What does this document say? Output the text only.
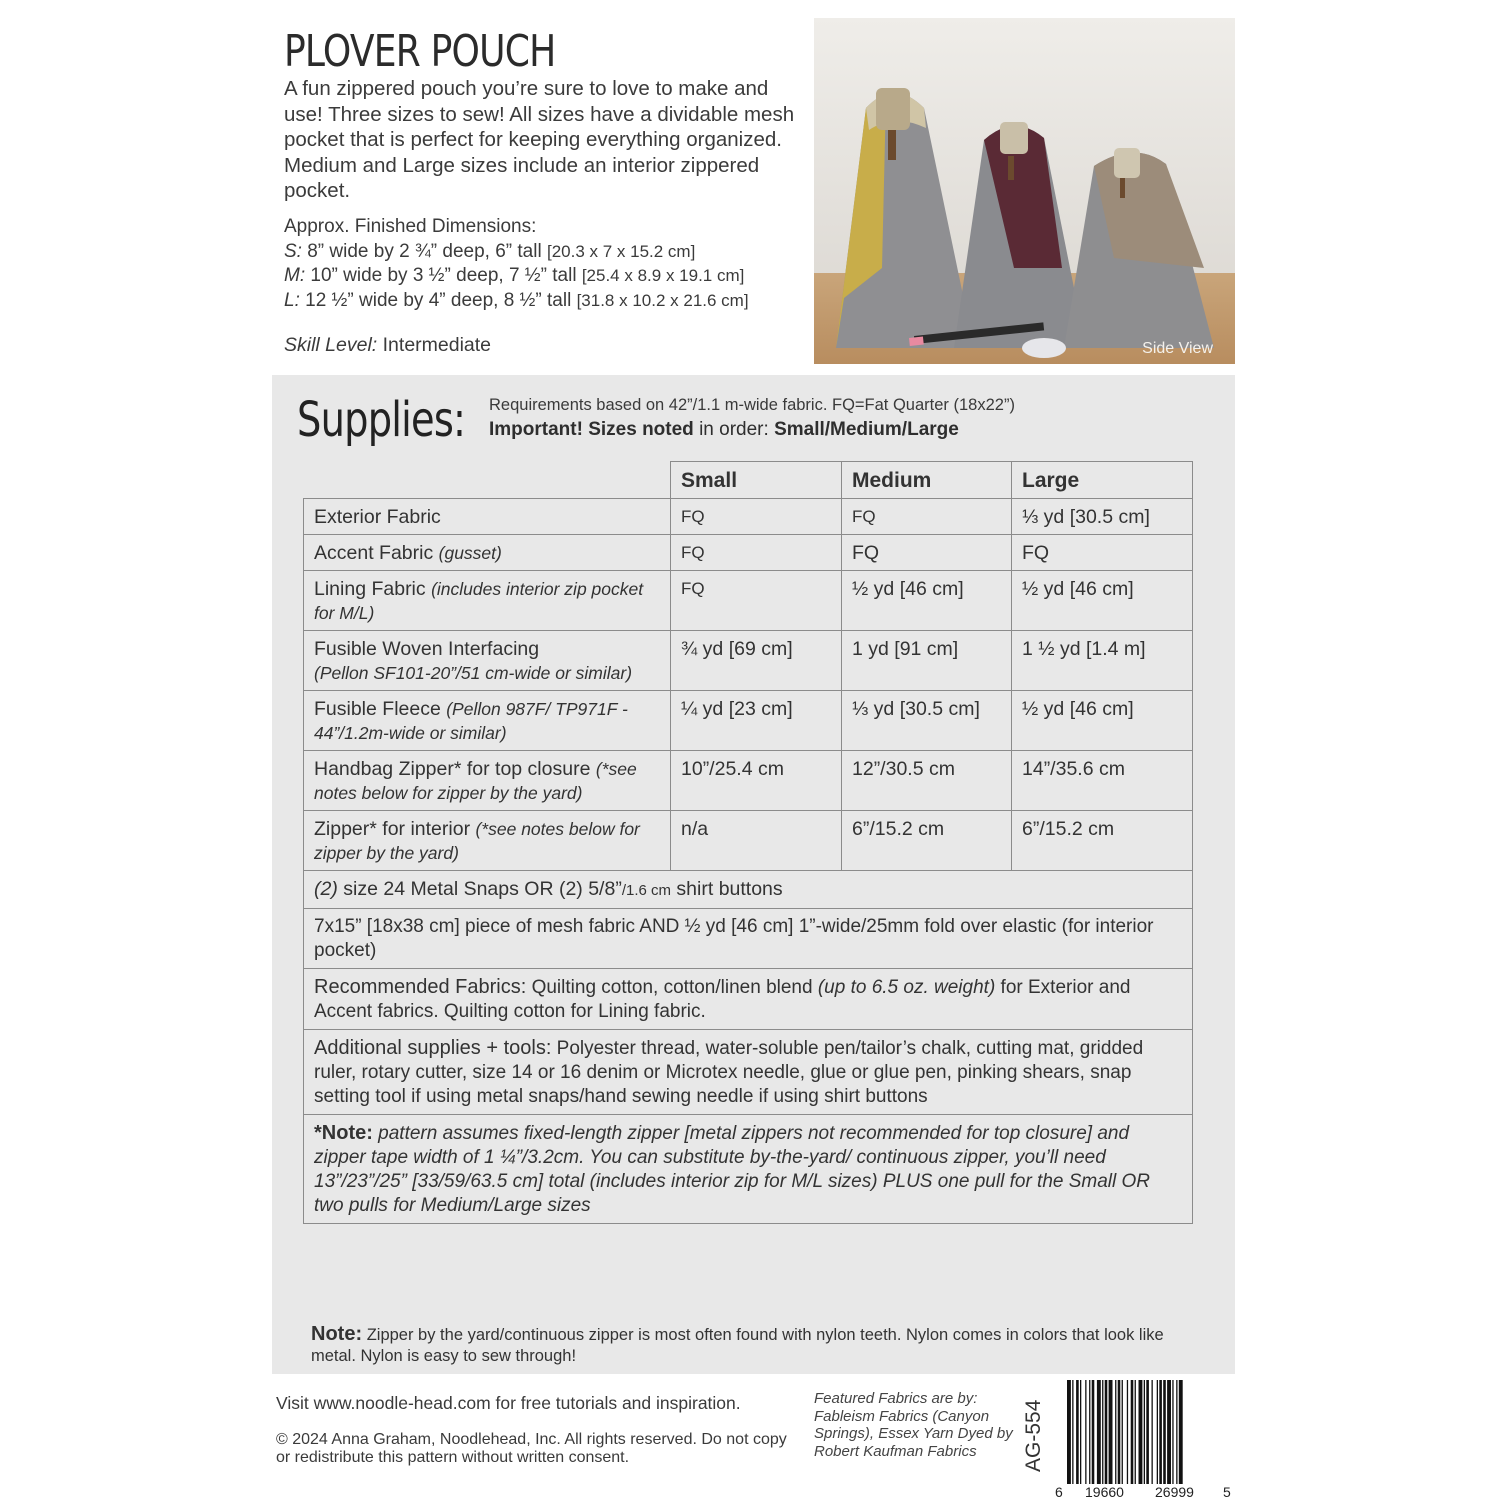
PLOVER POUCH

A fun zippered pouch you’re sure to love to make and use! Three sizes to sew! All sizes have a dividable mesh pocket that is perfect for keeping everything organized. Medium and Large sizes include an interior zippered pocket.

Approx. Finished Dimensions:
S: 8” wide by 2 ¾” deep, 6” tall [20.3 x 7 x 15.2 cm]
M: 10” wide by 3 ½” deep, 7 ½” tall [25.4 x 8.9 x 19.1 cm]
L: 12 ½” wide by 4” deep, 8 ½” tall [31.8 x 10.2 x 21.6 cm]
Skill Level: Intermediate	Side View
Supplies: Requirements based on 42”/1.1 m-wide fabric. FQ=Fat Quarter (18x22”)
Important! Sizes noted in order: Small/Medium/Large
	Small	Medium	Large
Exterior Fabric	FQ	FQ	⅓ yd [30.5 cm]
Accent Fabric (gusset)	FQ	FQ	FQ
Lining Fabric (includes interior zip pocket for M/L)	FQ	½ yd [46 cm]	½ yd [46 cm]
Fusible Woven Interfacing
(Pellon SF101-20”/51 cm-wide or similar)	¾ yd [69 cm]	1 yd [91 cm]	1 ½ yd [1.4 m]
Fusible Fleece (Pellon 987F/ TP971F - 44”/1.2m-wide or similar)	¼ yd [23 cm]	⅓ yd [30.5 cm]	½ yd [46 cm]
Handbag Zipper* for top closure (*see notes below for zipper by the yard)	10”/25.4 cm	12”/30.5 cm	14”/35.6 cm
Zipper* for interior (*see notes below for zipper by the yard)	n/a	6”/15.2 cm	6”/15.2 cm
(2) size 24 Metal Snaps OR (2) 5/8”/1.6 cm shirt buttons			
7x15” [18x38 cm] piece of mesh fabric AND ½ yd [46 cm] 1”-wide/25mm fold over elastic (for interior pocket)			
Recommended Fabrics: Quilting cotton, cotton/linen blend (up to 6.5 oz. weight) for Exterior and Accent fabrics. Quilting cotton for Lining fabric.			
Additional supplies + tools: Polyester thread, water-soluble pen/tailor’s chalk, cutting mat, gridded ruler, rotary cutter, size 14 or 16 denim or Microtex needle, glue or glue pen, pinking shears, snap setting tool if using metal snaps/hand sewing needle if using shirt buttons			
*Note: pattern assumes fixed-length zipper [metal zippers not recommended for top closure] and zipper tape width of 1 ¼”/3.2cm. You can substitute by-the-yard/ continuous zipper, you’ll need 13”/23”/25” [33/59/63.5 cm] total (includes interior zip for M/L sizes) PLUS one pull for the Small OR two pulls for Medium/Large sizes			
Note: Zipper by the yard/continuous zipper is most often found with nylon teeth. Nylon comes in colors that look like metal. Nylon is easy to sew through!
Visit www.noodle-head.com for free tutorials and inspiration.
© 2024 Anna Graham, Noodlehead, Inc. All rights reserved. Do not copy or redistribute this pattern without written consent.
Featured Fabrics are by: Fableism Fabrics (Canyon Springs), Essex Yarn Dyed by Robert Kaufman Fabrics	AG-554
6 19660 26999 5
